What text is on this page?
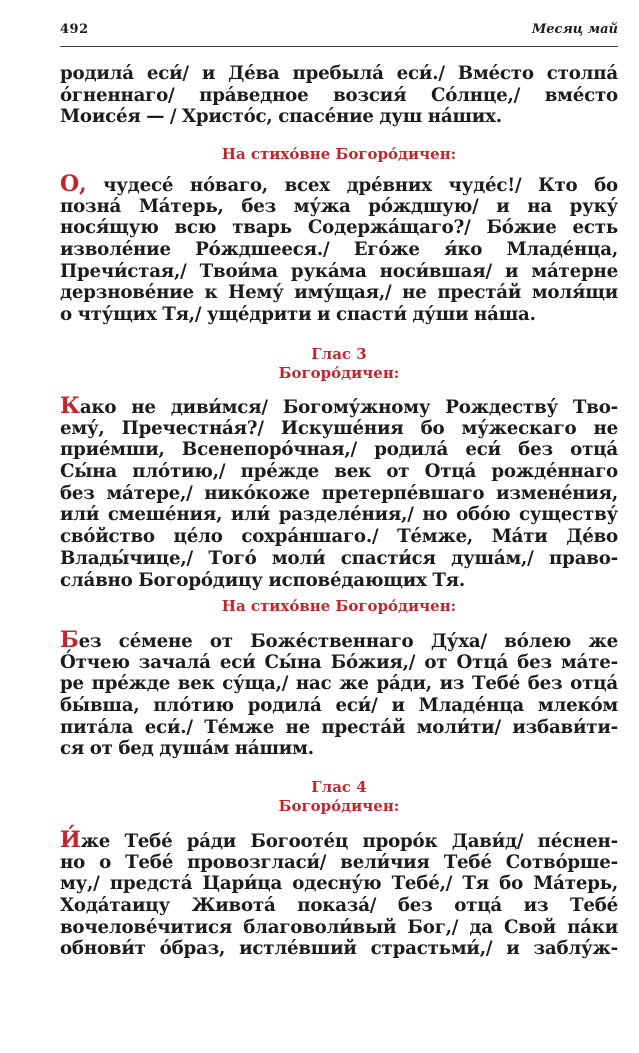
492	Месяц май
родила́ еси́/ и Де́ва пребыла́ еси́./ Вме́сто столпа́
о́гненнаго/ пра́ведное возсия́ Со́лнце,/ вме́сто
Моисе́я — / Христо́с, спасе́ние душ на́ших.
На стихо́вне Богоро́дичен:
О, чудесе́ но́ваго, всех дре́вних чуде́с!/ Кто бо
позна́ Ма́терь, без му́жа ро́ждшую/ и на руку́
нося́щую всю тварь Содержа́щаго?/ Бо́жие есть
изволе́ние Ро́ждшееся./ Его́же я́ко Младе́нца,
Пречи́стая,/ Твои́ма рука́ма носи́вшая/ и ма́терне
дерзнове́ние к Нему́ иму́щая,/ не преста́й моля́щи
о чту́щих Тя,/ уще́дрити и спасти́ ду́ши на́ша.
Глас 3
Богоро́дичен:
Како не диви́мся/ Богому́жному Рождеству́ Тво-
ему́, Пречестна́я?/ Искуше́ния бо му́жескаго не
прие́мши, Всенепоро́чная,/ родила́ еси́ без отца́
Сы́на пло́тию,/ пре́жде век от Отца́ рожде́ннаго
без ма́тере,/ нико́коже претерпе́вшаго измене́ния,
или́ смеше́ния, или́ разделе́ния,/ но обо́ю существу́
сво́йство це́ло сохра́ншаго./ Те́мже, Ма́ти Де́во
Влады́чице,/ Того́ моли́ спасти́ся душа́м,/ право-
сла́вно Богоро́дицу испове́дающих Тя.
На стихо́вне Богоро́дичен:
Без се́мене от Боже́ственнаго Ду́ха/ во́лею же
О́тчею зачала́ еси́ Сы́на Бо́жия,/ от Отца́ без ма́те-
ре пре́жде век су́ща,/ нас же ра́ди, из Тебе́ без отца́
бы́вша, пло́тию родила́ еси́/ и Младе́нца млеко́м
пита́ла еси́./ Те́мже не преста́й моли́ти/ избави́ти-
ся от бед душа́м на́шим.
Глас 4
Богоро́дичен:
И́же Тебе́ ра́ди Богооте́ц проро́к Дави́д/ пе́снен-
но о Тебе́ провозгласи́/ вели́чия Тебе́ Сотво́рше-
му,/ предста́ Цари́ца одесну́ю Тебе́,/ Тя бо Ма́терь,
Хода́таицу Живота́ показа́/ без отца́ из Тебе́
вочелове́читися благоволи́вый Бог,/ да Свой па́ки
обнови́т о́браз, истле́вший страстьми́,/ и заблу́ж-
